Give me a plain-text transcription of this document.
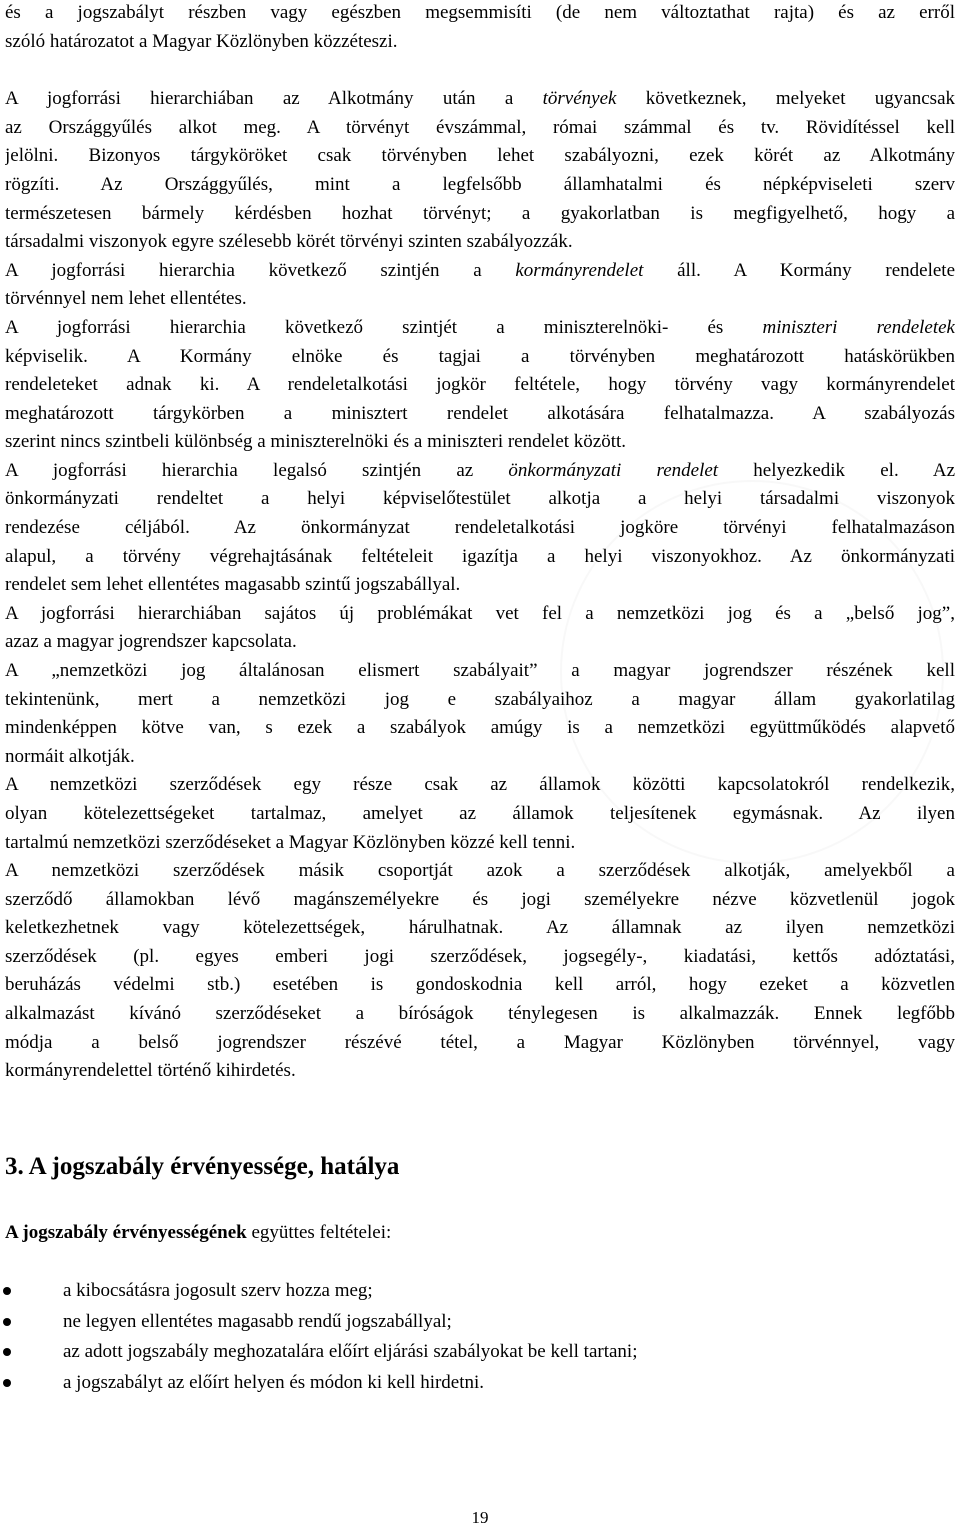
és a jogszabályt részben vagy egészben megsemmisíti (de nem változtathat rajta) és az erről
szóló határozatot a Magyar Közlönyben közzéteszi.
A jogforrási hierarchiában az Alkotmány után a törvények következnek, melyeket ugyancsak
az Országgyűlés alkot meg. A törvényt évszámmal, római számmal és tv. Rövidítéssel kell
jelölni. Bizonyos tárgyköröket csak törvényben lehet szabályozni, ezek körét az Alkotmány
rögzíti. Az Országgyűlés, mint a legfelsőbb államhatalmi és népképviseleti szerv
természetesen bármely kérdésben hozhat törvényt; a gyakorlatban is megfigyelhető, hogy a
társadalmi viszonyok egyre szélesebb körét törvényi szinten szabályozzák.
A jogforrási hierarchia következő szintjén a kormányrendelet áll. A Kormány rendelete
törvénnyel nem lehet ellentétes.
A jogforrási hierarchia következő szintjét a miniszterelnöki- és miniszteri rendeletek
képviselik. A Kormány elnöke és tagjai a törvényben meghatározott hatáskörükben
rendeleteket adnak ki. A rendeletalkotási jogkör feltétele, hogy törvény vagy kormányrendelet
meghatározott tárgykörben a minisztert rendelet alkotására felhatalmazza. A szabályozás
szerint nincs szintbeli különbség a miniszterelnöki és a miniszteri rendelet között.
A jogforrási hierarchia legalsó szintjén az önkormányzati rendelet helyezkedik el. Az
önkormányzati rendeltet a helyi képviselőtestület alkotja a helyi társadalmi viszonyok
rendezése céljából. Az önkormányzat rendeletalkotási jogköre törvényi felhatalmazáson
alapul, a törvény végrehajtásának feltételeit igazítja a helyi viszonyokhoz. Az önkormányzati
rendelet sem lehet ellentétes magasabb szintű jogszabállyal.
A jogforrási hierarchiában sajátos új problémákat vet fel a nemzetközi jog és a „belső jog”,
azaz a magyar jogrendszer kapcsolata.
A „nemzetközi jog általánosan elismert szabályait” a magyar jogrendszer részének kell
tekintenünk, mert a nemzetközi jog e szabályaihoz a magyar állam gyakorlatilag
mindenképpen kötve van, s ezek a szabályok amúgy is a nemzetközi együttműködés alapvető
normáit alkotják.
A nemzetközi szerződések egy része csak az államok közötti kapcsolatokról rendelkezik,
olyan kötelezettségeket tartalmaz, amelyet az államok teljesítenek egymásnak. Az ilyen
tartalmú nemzetközi szerződéseket a Magyar Közlönyben közzé kell tenni.
A nemzetközi szerződések másik csoportját azok a szerződések alkotják, amelyekből a
szerződő államokban lévő magánszemélyekre és jogi személyekre nézve közvetlenül jogok
keletkezhetnek vagy kötelezettségek, hárulhatnak. Az államnak az ilyen nemzetközi
szerződések (pl. egyes emberi jogi szerződések, jogsegély-, kiadatási, kettős adóztatási,
beruházás védelmi stb.) esetében is gondoskodnia kell arról, hogy ezeket a közvetlen
alkalmazást kívánó szerződéseket a bíróságok ténylegesen is alkalmazzák. Ennek legfőbb
módja a belső jogrendszer részévé tétel, a Magyar Közlönyben törvénnyel, vagy
kormányrendelettel történő kihirdetés.
3. A jogszabály érvényessége, hatálya
A jogszabály érvényességének együttes feltételei:
a kibocsátásra jogosult szerv hozza meg;
ne legyen ellentétes magasabb rendű jogszabállyal;
az adott jogszabály meghozatalára előírt eljárási szabályokat be kell tartani;
a jogszabályt az előírt helyen és módon ki kell hirdetni.
19
